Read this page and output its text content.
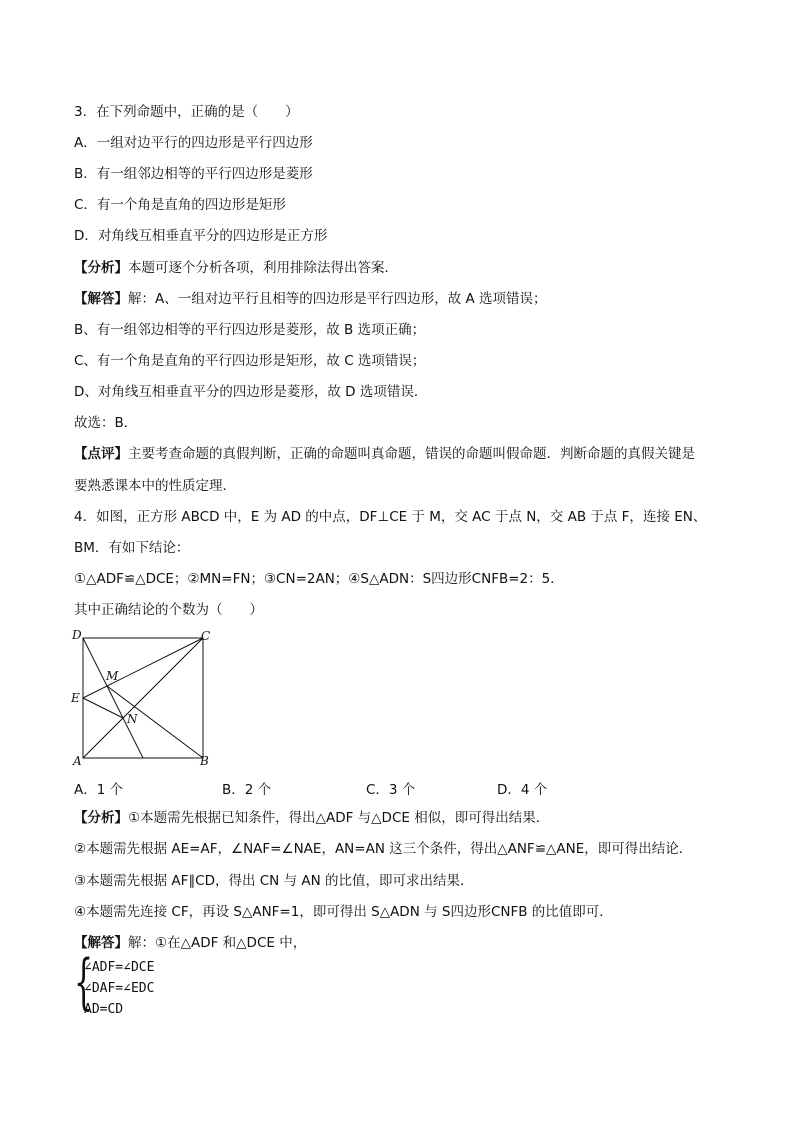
3．在下列命题中，正确的是（　　）
A．一组对边平行的四边形是平行四边形
B．有一组邻边相等的平行四边形是菱形
C．有一个角是直角的四边形是矩形
D．对角线互相垂直平分的四边形是正方形
【分析】本题可逐个分析各项，利用排除法得出答案．
【解答】解：A、一组对边平行且相等的四边形是平行四边形，故 A 选项错误；
B、有一组邻边相等的平行四边形是菱形，故 B 选项正确；
C、有一个角是直角的平行四边形是矩形，故 C 选项错误；
D、对角线互相垂直平分的四边形是菱形，故 D 选项错误．
故选：B．
【点评】主要考查命题的真假判断，正确的命题叫真命题，错误的命题叫假命题．判断命题的真假关键是
要熟悉课本中的性质定理．
4．如图，正方形 ABCD 中，E 为 AD 的中点，DF⊥CE 于 M，交 AC 于点 N，交 AB 于点 F，连接 EN、
BM．有如下结论：
①△ADF≌△DCE；②MN=FN；③CN=2AN；④S△ADN：S四边形CNFB=2：5．
其中正确结论的个数为（　　）
D	C
E
M
N
A	B
A．1 个	B．2 个	C．3 个	D．4 个
【分析】①本题需先根据已知条件，得出△ADF 与△DCE 相似，即可得出结果．
②本题需先根据 AE=AF，∠NAF=∠NAE，AN=AN 这三个条件，得出△ANF≌△ANE，即可得出结论．
③本题需先根据 AF∥CD，得出 CN 与 AN 的比值，即可求出结果．
④本题需先连接 CF，再设 S△ANF=1，即可得出 S△ADN 与 S四边形CNFB 的比值即可．
【解答】解：①在△ADF 和△DCE 中，
{
∠ADF=∠DCE
∠DAF=∠EDC
AD=CD
